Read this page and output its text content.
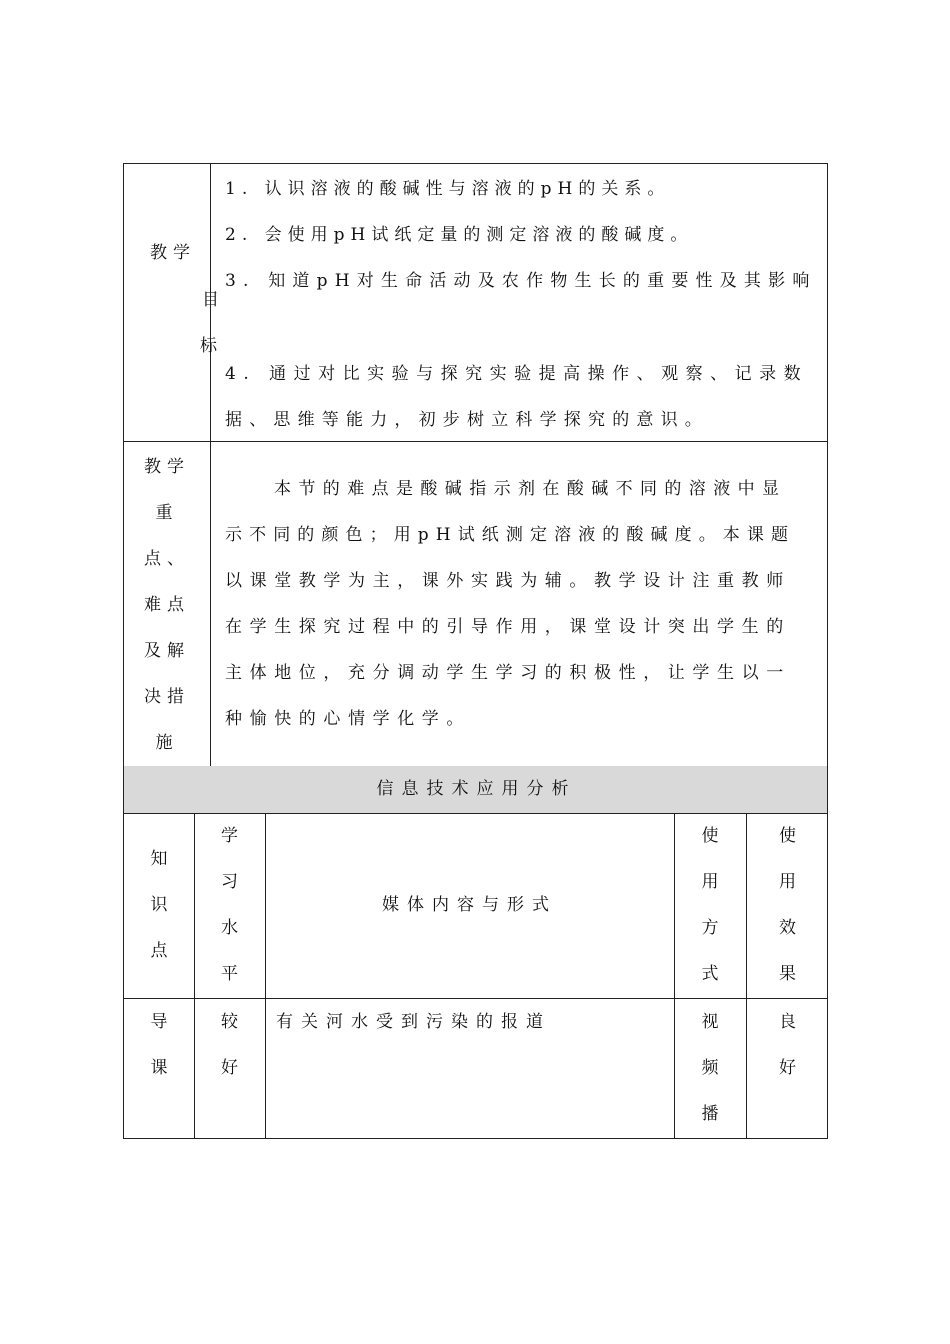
教学
目
标
1. 认识溶液的酸碱性与溶液的pH的关系。
2. 会使用pH试纸定量的测定溶液的酸碱度。
3. 知道pH对生命活动及农作物生长的重要性及其影响
4. 通过对比实验与探究实验提高操作、观察、记录数
据、思维等能力，初步树立科学探究的意识。
教学
重
点、
难点
及解
决措
施
本节的难点是酸碱指示剂在酸碱不同的溶液中显
示不同的颜色；用pH试纸测定溶液的酸碱度。本课题
以课堂教学为主，课外实践为辅。教学设计注重教师
在学生探究过程中的引导作用，课堂设计突出学生的
主体地位，充分调动学生学习的积极性，让学生以一
种愉快的心情学化学。
信息技术应用分析
知
识
点
学
习
水
平
媒体内容与形式
使
用
方
式
使
用
效
果
导
课
较
好
有关河水受到污染的报道	视
频
播
良
好
